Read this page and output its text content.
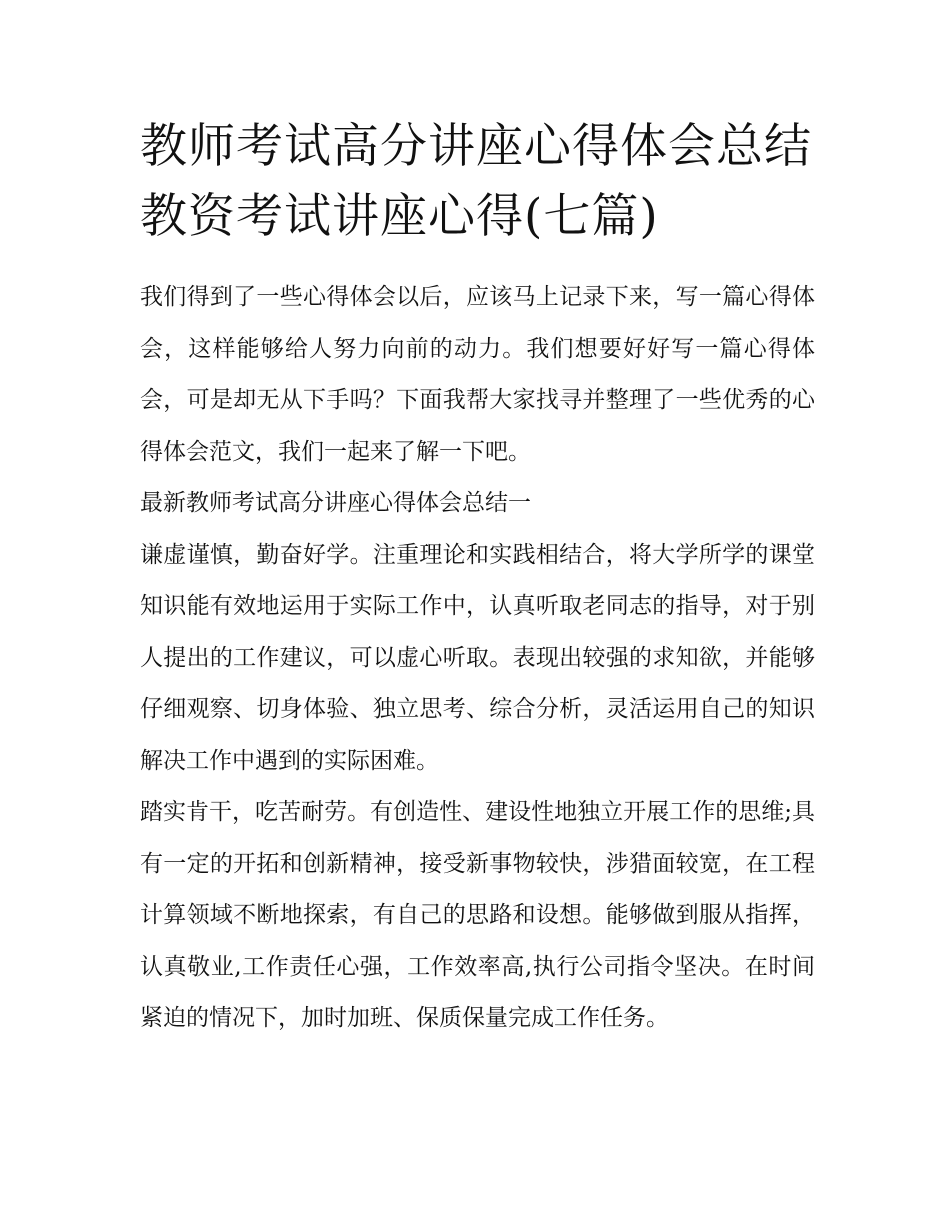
教师考试高分讲座心得体会总结 教资考试讲座心得(七篇)

我们得到了一些心得体会以后，应该马上记录下来，写一篇心得体会，这样能够给人努力向前的动力。我们想要好好写一篇心得体会，可是却无从下手吗？下面我帮大家找寻并整理了一些优秀的心得体会范文，我们一起来了解一下吧。

最新教师考试高分讲座心得体会总结一

谦虚谨慎，勤奋好学。注重理论和实践相结合，将大学所学的课堂知识能有效地运用于实际工作中，认真听取老同志的指导，对于别人提出的工作建议，可以虚心听取。表现出较强的求知欲，并能够仔细观察、切身体验、独立思考、综合分析，灵活运用自己的知识解决工作中遇到的实际困难。

踏实肯干，吃苦耐劳。有创造性、建设性地独立开展工作的思维;具有一定的开拓和创新精神，接受新事物较快，涉猎面较宽，在工程计算领域不断地探索，有自己的思路和设想。能够做到服从指挥，认真敬业,工作责任心强，工作效率高,执行公司指令坚决。在时间紧迫的情况下，加时加班、保质保量完成工作任务。
